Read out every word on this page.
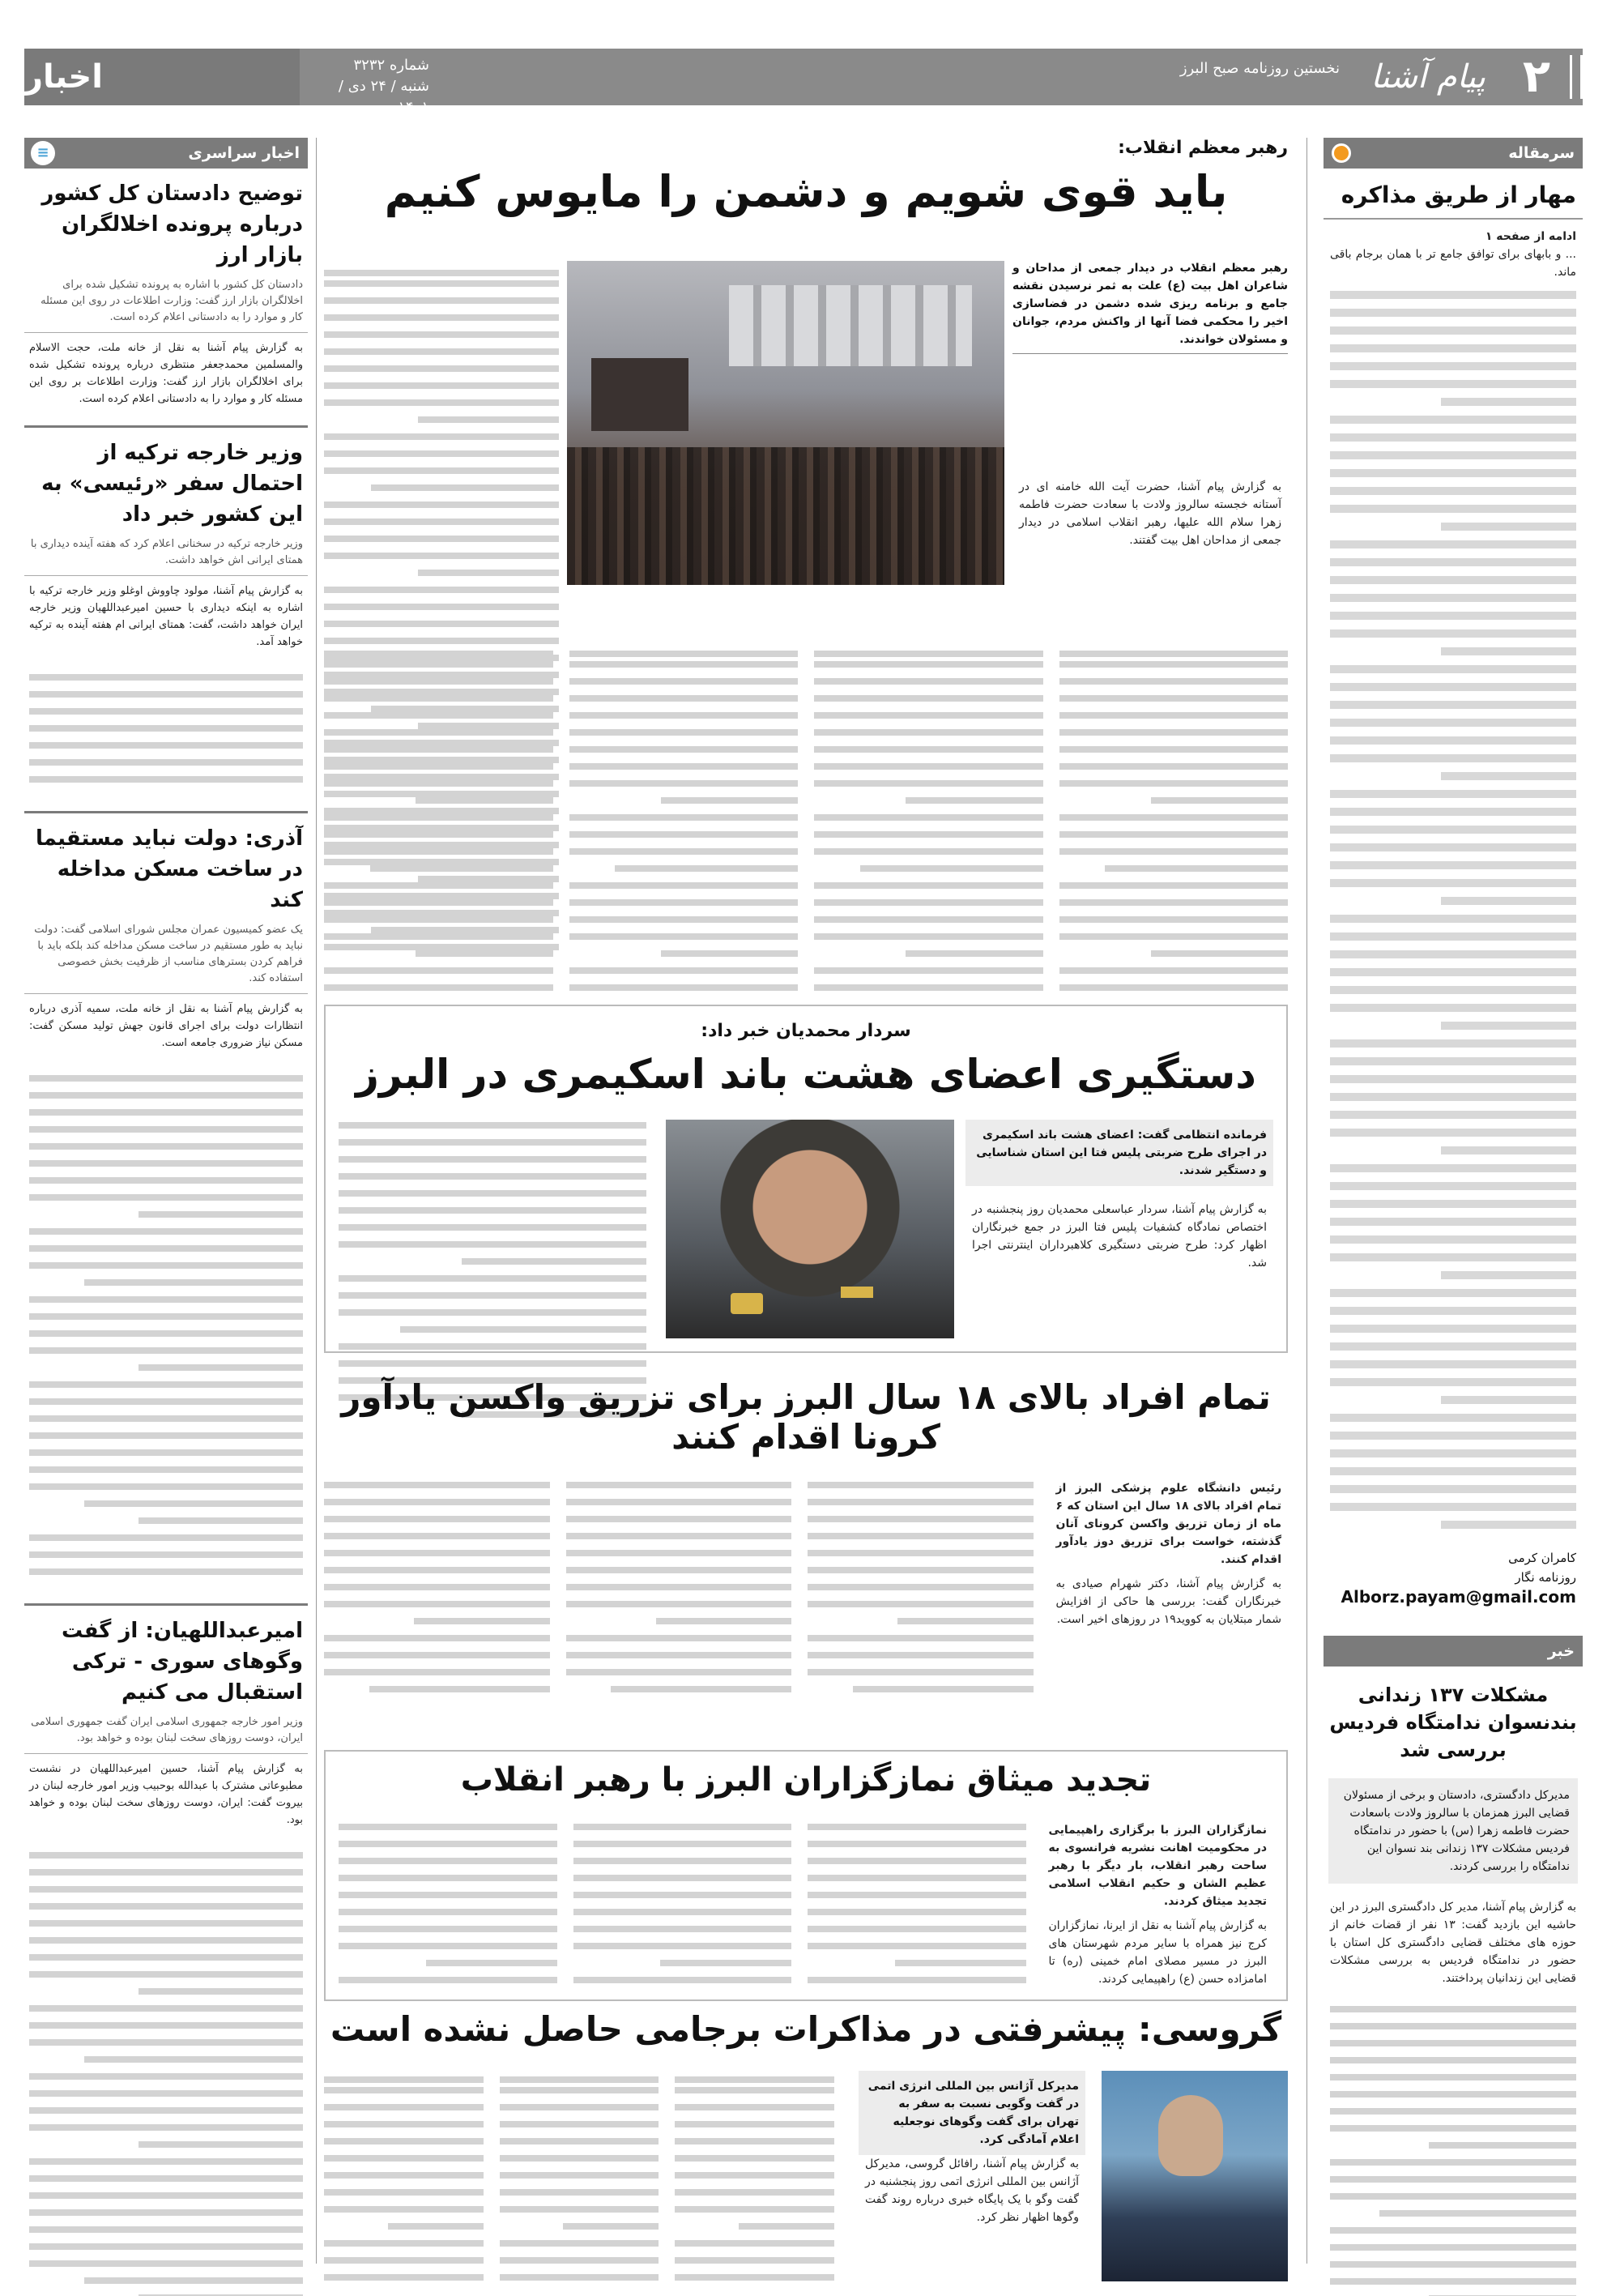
۲
پیام آشنا
نخستین روزنامه صبح البرز
شماره ۳۲۳۲
شنبه / ۲۴ دی / ۱۴۰۱
اخبار
سرمقاله
مهار از طریق مذاکره
ادامه از صفحه ۱
... و بابهای برای توافق جامع تر با همان برجام باقی ماند.
کامران کرمی
روزنامه نگار
Alborz.payam@gmail.com
خبر
مشکلات ۱۳۷ زندانی بندنسوان ندامتگاه فردیس بررسی شد
مدیرکل دادگستری، دادستان و برخی از مسئولان قضایی البرز همزمان با سالروز ولادت باسعادت حضرت فاطمه زهرا (س) با حضور در ندامتگاه فردیس مشکلات ۱۳۷ زندانی بند نسوان این ندامتگاه را بررسی کردند.
به گزارش پیام آشنا، مدیر کل دادگستری البرز در این حاشیه این بازدید گفت: ۱۳ نفر از قضات خانم از حوزه های مختلف قضایی دادگستری کل استان با حضور در ندامتگاه فردیس به بررسی مشکلات قضایی این زندانیان پرداختند.
اخبار سراسری
≡
توضیح دادستان کل کشور درباره پرونده اخلالگران بازار ارز
دادستان کل کشور با اشاره به پرونده تشکیل شده برای اخلالگران بازار ارز گفت: وزارت اطلاعات در روی این مسئله کار و موارد را به دادستانی اعلام کرده است.
به گزارش پیام آشنا به نقل از خانه ملت، حجت الاسلام والمسلمین محمدجعفر منتظری درباره پرونده تشکیل شده برای اخلالگران بازار ارز گفت: وزارت اطلاعات بر روی این مسئله کار و موارد را به دادستانی اعلام کرده است.
وزیر خارجه ترکیه از احتمال سفر «رئیسی» به این کشور خبر داد
وزیر خارجه ترکیه در سخنانی اعلام کرد که هفته آینده دیداری با همتای ایرانی اش خواهد داشت.
به گزارش پیام آشنا، مولود چاووش اوغلو وزیر خارجه ترکیه با اشاره به اینکه دیداری با حسین امیرعبداللهیان وزیر خارجه ایران خواهد داشت، گفت: همتای ایرانی ام هفته آینده به ترکیه خواهد آمد.
آذری: دولت نباید مستقیما در ساخت مسکن مداخله کند
یک عضو کمیسیون عمران مجلس شورای اسلامی گفت: دولت نباید به طور مستقیم در ساخت مسکن مداخله کند بلکه باید با فراهم کردن بسترهای مناسب از ظرفیت بخش خصوصی استفاده کند.
به گزارش پیام آشنا به نقل از خانه ملت، سمیه آذری درباره انتظارات دولت برای اجرای قانون جهش تولید مسکن گفت: مسکن نیاز ضروری جامعه است.
امیرعبداللهیان: از گفت وگوهای سوری - ترکی استقبال می کنیم
وزیر امور خارجه جمهوری اسلامی ایران گفت جمهوری اسلامی ایران، دوست روزهای سخت لبنان بوده و خواهد بود.
به گزارش پیام آشنا، حسین امیرعبداللهیان در نشست مطبوعاتی مشترک با عبدالله بوحبیب وزیر امور خارجه لبنان در بیروت گفت: ایران، دوست روزهای سخت لبنان بوده و خواهد بود.
رهبر معظم انقلاب:
باید قوی شویم و دشمن را مایوس کنیم
رهبر معظم انقلاب در دیدار جمعی از مداحان و شاعران اهل بیت (ع) علت به ثمر نرسیدن نقشه جامع و برنامه ریزی شده دشمن در فضاسازی اخیر را محکمی فضا آنها از واکنش مردم، جوانان و مسئولان خواندند.
به گزارش پیام آشنا، حضرت آیت الله خامنه ای در آستانه خجسته سالروز ولادت با سعادت حضرت فاطمه زهرا سلام الله علیها، رهبر انقلاب اسلامی در دیدار جمعی از مداحان اهل بیت گفتند.
سردار محمدیان خبر داد:
دستگیری اعضای هشت باند اسکیمری در البرز
فرمانده انتظامی گفت: اعضای هشت باند اسکیمری در اجرای طرح ضربتی پلیس فتا این استان شناسایی و دستگیر شدند.
به گزارش پیام آشنا، سردار عباسعلی محمدیان روز پنجشنبه در اختصاص نمادگاه کشفیات پلیس فتا البرز در جمع خبرنگاران اظهار کرد: طرح ضربتی دستگیری کلاهبرداران اینترنتی اجرا شد.
تمام افراد بالای ۱۸ سال البرز برای تزریق واکسن یادآور کرونا اقدام کنند
رئیس دانشگاه علوم پزشکی البرز از تمام افراد بالای ۱۸ سال این استان که ۶ ماه از زمان تزریق واکسن کرونای آنان گذشته، خواست برای تزریق دوز یادآور اقدام کنند.
به گزارش پیام آشنا، دکتر شهرام صیادی به خبرنگاران گفت: بررسی ها حاکی از افزایش شمار مبتلایان به کووید۱۹ در روزهای اخیر است.
تجدید میثاق نمازگزاران البرز با رهبر انقلاب
نمازگزاران البرز با برگزاری راهپیمایی در محکومیت اهانت نشریه فرانسوی به ساحت رهبر انقلاب، بار دیگر با رهبر عظیم الشان و حکیم انقلاب اسلامی تجدید میثاق کردند.
به گزارش پیام آشنا به نقل از ایرنا، نمازگزاران کرج نیز همراه با سایر مردم شهرستان های البرز در مسیر مصلای امام خمینی (ره) تا امامزاده حسن (ع) راهپیمایی کردند.
گروسی: پیشرفتی در مذاکرات برجامی حاصل نشده است
مدیرکل آژانس بین المللی انرژی اتمی در گفت وگویی نسبت به سفر به تهران برای گفت وگوهای نوجعلیه اعلام آمادگی کرد.
به گزارش پیام آشنا، رافائل گروسی، مدیرکل آژانس بین المللی انرژی اتمی روز پنجشنبه در گفت وگو با یک پایگاه خبری درباره روند گفت وگوها اظهار نظر کرد.
